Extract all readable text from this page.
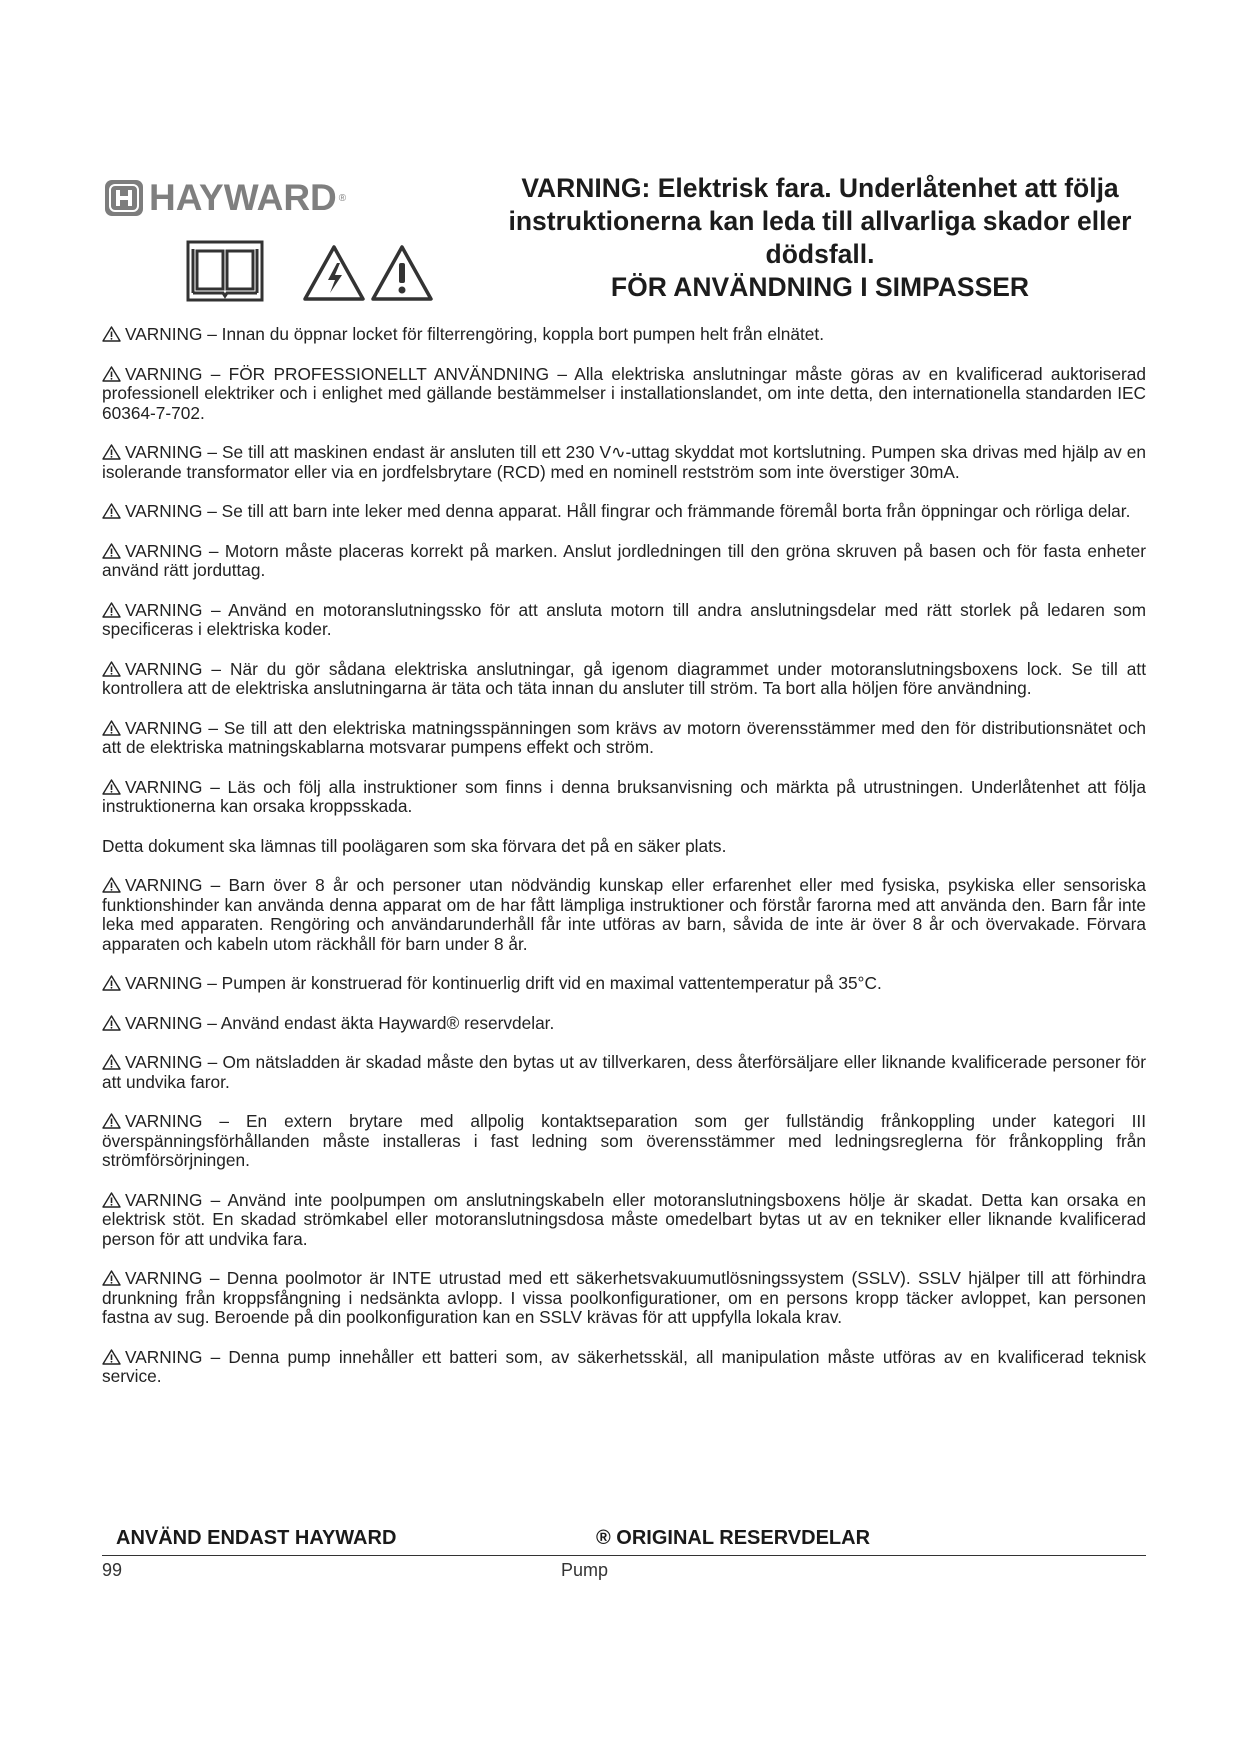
HAYWARD ®	VARNING: Elektrisk fara. Underlåtenhet att följa
instruktionerna kan leda till allvarliga skador eller
dödsfall.
FÖR ANVÄNDNING I SIMPASSER

VARNING – Innan du öppnar locket för filterrengöring, koppla bort pumpen helt från elnätet.

VARNING – FÖR PROFESSIONELLT ANVÄNDNING – Alla elektriska anslutningar måste göras av en kvalificerad auktoriserad professionell elektriker och i enlighet med gällande bestämmelser i installationslandet, om inte detta, den internationella standarden IEC 60364-7-702.

VARNING – Se till att maskinen endast är ansluten till ett 230 V∿-uttag skyddat mot kortslutning. Pumpen ska drivas med hjälp av en isolerande transformator eller via en jordfelsbrytare (RCD) med en nominell restström som inte överstiger 30mA.

VARNING – Se till att barn inte leker med denna apparat. Håll fingrar och främmande föremål borta från öppningar och rörliga delar.

VARNING – Motorn måste placeras korrekt på marken. Anslut jordledningen till den gröna skruven på basen och för fasta enheter använd rätt jorduttag.

VARNING – Använd en motoranslutningssko för att ansluta motorn till andra anslutningsdelar med rätt storlek på ledaren som specificeras i elektriska koder.

VARNING – När du gör sådana elektriska anslutningar, gå igenom diagrammet under motoranslutningsboxens lock. Se till att kontrollera att de elektriska anslutningarna är täta och täta innan du ansluter till ström. Ta bort alla höljen före användning.

VARNING – Se till att den elektriska matningsspänningen som krävs av motorn överensstämmer med den för distributionsnätet och att de elektriska matningskablarna motsvarar pumpens effekt och ström.

VARNING – Läs och följ alla instruktioner som finns i denna bruksanvisning och märkta på utrustningen. Underlåtenhet att följa instruktionerna kan orsaka kroppsskada.

Detta dokument ska lämnas till poolägaren som ska förvara det på en säker plats.

VARNING – Barn över 8 år och personer utan nödvändig kunskap eller erfarenhet eller med fysiska, psykiska eller sensoriska funktionshinder kan använda denna apparat om de har fått lämpliga instruktioner och förstår farorna med att använda den. Barn får inte leka med apparaten. Rengöring och användarunderhåll får inte utföras av barn, såvida de inte är över 8 år och övervakade. Förvara apparaten och kabeln utom räckhåll för barn under 8 år.

VARNING – Pumpen är konstruerad för kontinuerlig drift vid en maximal vattentemperatur på 35°C.

VARNING – Använd endast äkta Hayward® reservdelar.

VARNING – Om nätsladden är skadad måste den bytas ut av tillverkaren, dess återförsäljare eller liknande kvalificerade personer för att undvika faror.

VARNING – En extern brytare med allpolig kontaktseparation som ger fullständig frånkoppling under kategori III överspänningsförhållanden måste installeras i fast ledning som överensstämmer med ledningsreglerna för frånkoppling från strömförsörjningen.

VARNING – Använd inte poolpumpen om anslutningskabeln eller motoranslutningsboxens hölje är skadat. Detta kan orsaka en elektrisk stöt. En skadad strömkabel eller motoranslutningsdosa måste omedelbart bytas ut av en tekniker eller liknande kvalificerad person för att undvika fara.

VARNING – Denna poolmotor är INTE utrustad med ett säkerhetsvakuumutlösningssystem (SSLV). SSLV hjälper till att förhindra drunkning från kroppsfångning i nedsänkta avlopp. I vissa poolkonfigurationer, om en persons kropp täcker avloppet, kan personen fastna av sug. Beroende på din poolkonfiguration kan en SSLV krävas för att uppfylla lokala krav.

VARNING – Denna pump innehåller ett batteri som, av säkerhetsskäl, all manipulation måste utföras av en kvalificerad teknisk service.

ANVÄND ENDAST HAYWARD	® ORIGINAL RESERVDELAR
99	Pump
